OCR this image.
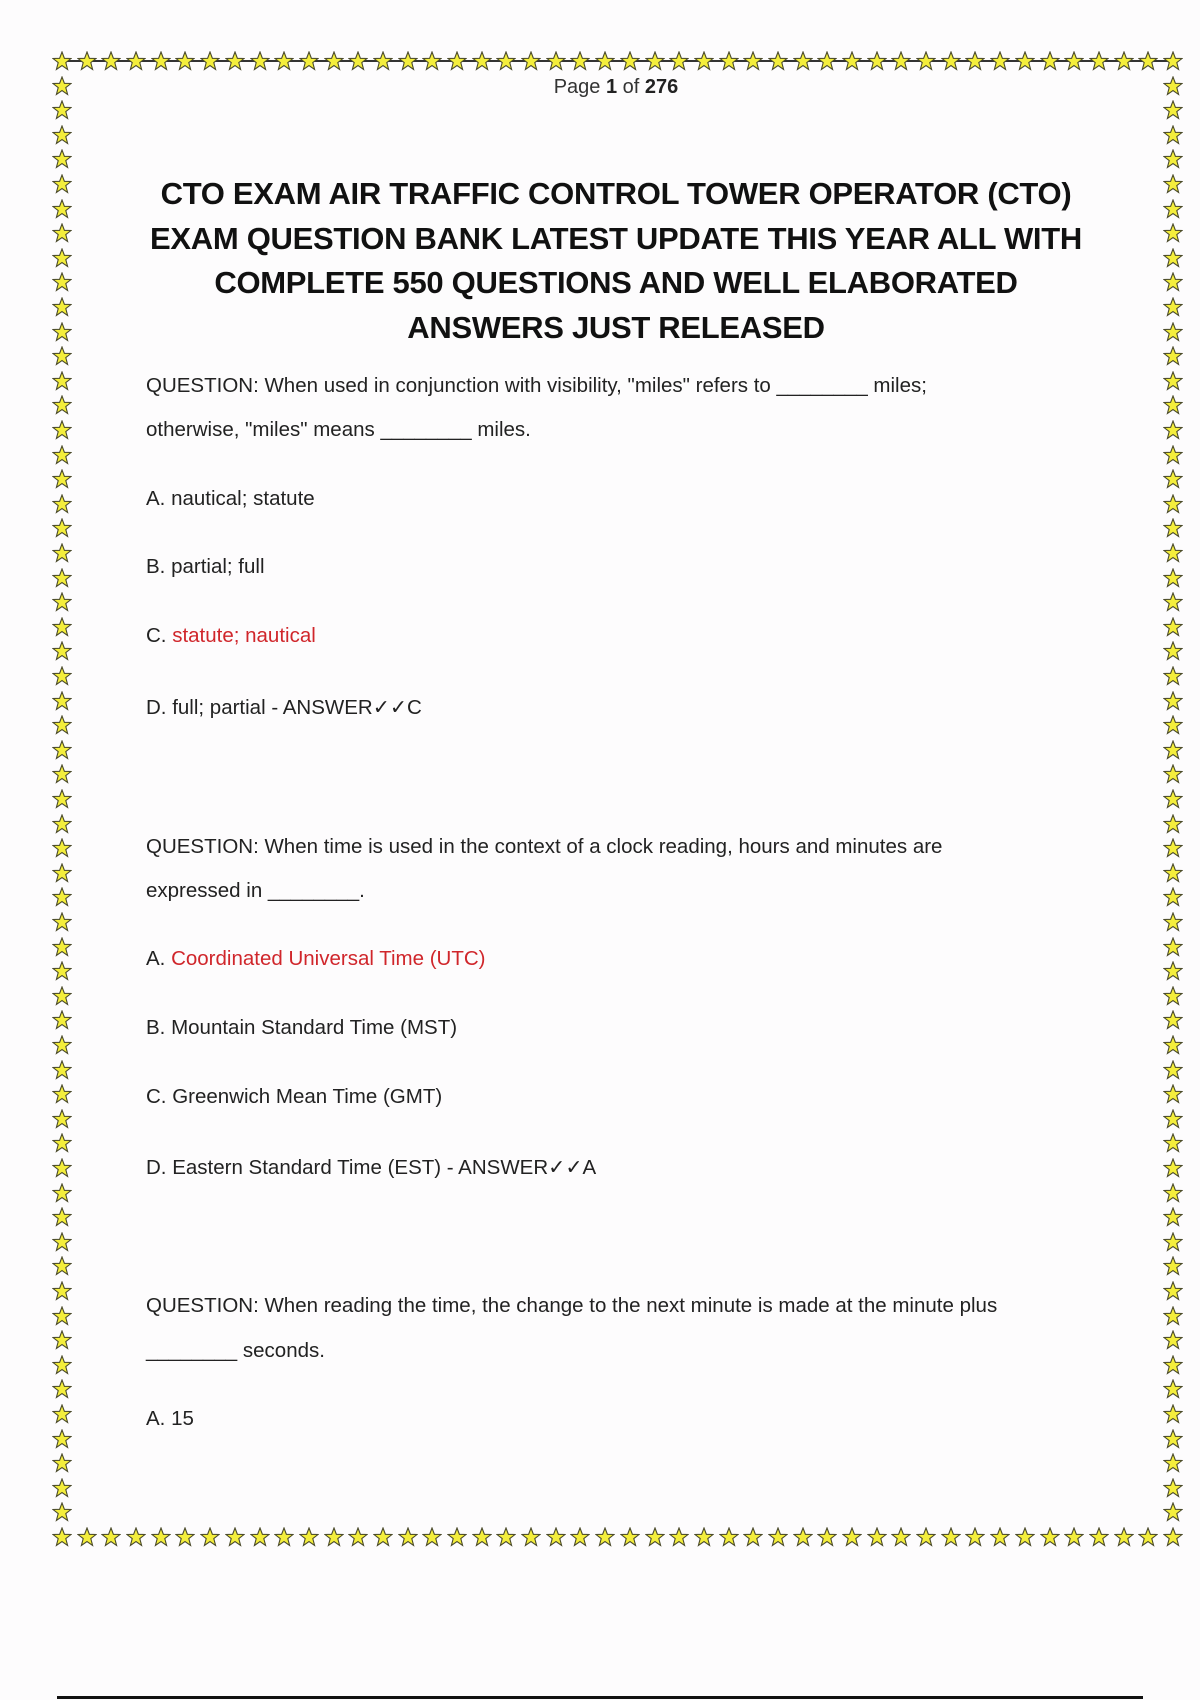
Page 1 of 276
CTO EXAM AIR TRAFFIC CONTROL TOWER OPERATOR (CTO) EXAM QUESTION BANK LATEST UPDATE THIS YEAR ALL WITH COMPLETE 550 QUESTIONS AND WELL ELABORATED ANSWERS JUST RELEASED
QUESTION: When used in conjunction with visibility, "miles" refers to ________ miles;
otherwise, "miles" means ________ miles.
A. nautical; statute
B. partial; full
C. statute; nautical
D. full; partial - ANSWER✓✓C
QUESTION: When time is used in the context of a clock reading, hours and minutes are
expressed in ________.
A. Coordinated Universal Time (UTC)
B. Mountain Standard Time (MST)
C. Greenwich Mean Time (GMT)
D. Eastern Standard Time (EST) - ANSWER✓✓A
QUESTION: When reading the time, the change to the next minute is made at the minute plus
________ seconds.
A. 15
